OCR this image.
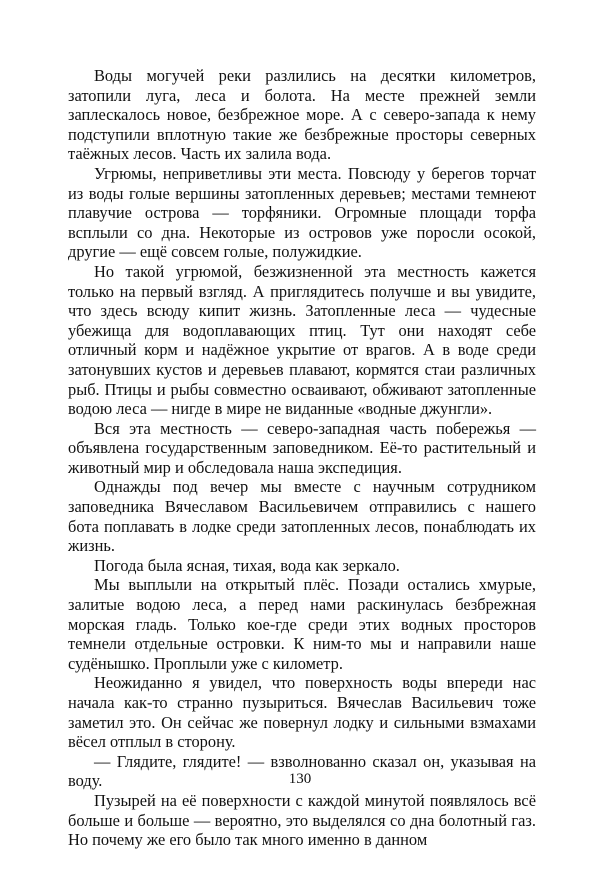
Воды могучей реки разлились на десятки километров, затопили луга, леса и болота. На месте прежней земли заплескалось новое, безбрежное море. А с северо-запада к нему подступили вплотную такие же безбрежные просторы северных таёжных лесов. Часть их залила вода.

Угрюмы, неприветливы эти места. Повсюду у берегов торчат из воды голые вершины затопленных деревьев; местами темнеют плавучие острова — торфяники. Огромные площади торфа всплыли со дна. Некоторые из островов уже поросли осокой, другие — ещё совсем голые, полужидкие.

Но такой угрюмой, безжизненной эта местность кажется только на первый взгляд. А приглядитесь получше и вы увидите, что здесь всюду кипит жизнь. Затопленные леса — чудесные убежища для водоплавающих птиц. Тут они находят себе отличный корм и надёжное укрытие от врагов. А в воде среди затонувших кустов и деревьев плавают, кормятся стаи различных рыб. Птицы и рыбы совместно осваивают, обживают затопленные водою леса — нигде в мире не виданные «водные джунгли».

Вся эта местность — северо-западная часть побережья — объявлена государственным заповедником. Её-то растительный и животный мир и обследовала наша экспедиция.

Однажды под вечер мы вместе с научным сотрудником заповедника Вячеславом Васильевичем отправились с нашего бота поплавать в лодке среди затопленных лесов, понаблюдать их жизнь.

Погода была ясная, тихая, вода как зеркало.

Мы выплыли на открытый плёс. Позади остались хмурые, залитые водою леса, а перед нами раскинулась безбрежная морская гладь. Только кое-где среди этих водных просторов темнели отдельные островки. К ним-то мы и направили наше судёнышко. Проплыли уже с километр.

Неожиданно я увидел, что поверхность воды впереди нас начала как-то странно пузыриться. Вячеслав Васильевич тоже заметил это. Он сейчас же повернул лодку и сильными взмахами вёсел отплыл в сторону.

— Глядите, глядите! — взволнованно сказал он, указывая на воду.

Пузырей на её поверхности с каждой минутой появлялось всё больше и больше — вероятно, это выделялся со дна болотный газ. Но почему же его было так много именно в данном

130
